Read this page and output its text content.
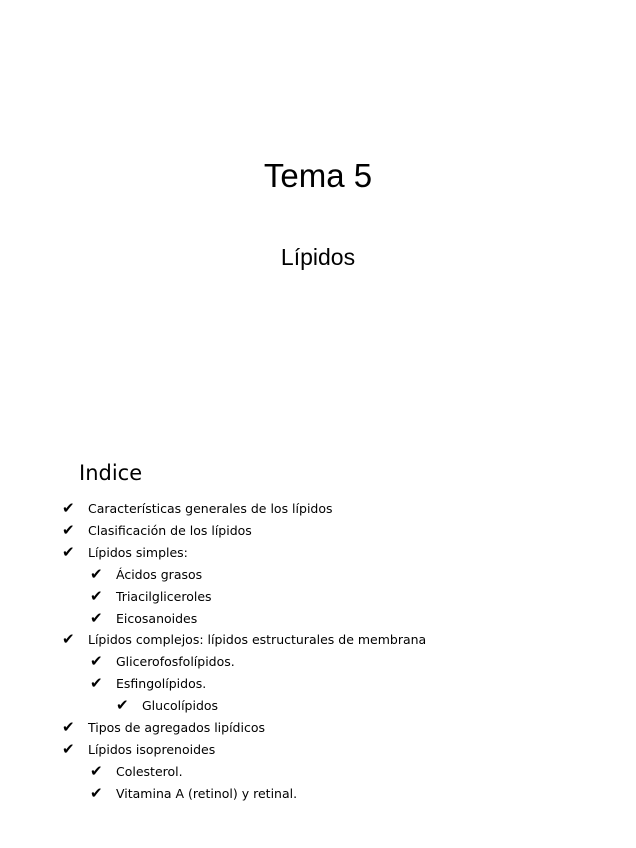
Tema 5
Lípidos
Indice
✔ Características generales de los lípidos
✔ Clasificación de los lípidos
✔ Lípidos simples:
✔ Ácidos grasos
✔ Triacilgliceroles
✔ Eicosanoides
✔ Lípidos complejos: lípidos estructurales de membrana
✔ Glicerofosfolípidos.
✔ Esfingolípidos.
✔ Glucolípidos
✔ Tipos de agregados lipídicos
✔ Lípidos isoprenoides
✔ Colesterol.
✔ Vitamina A (retinol) y retinal.
